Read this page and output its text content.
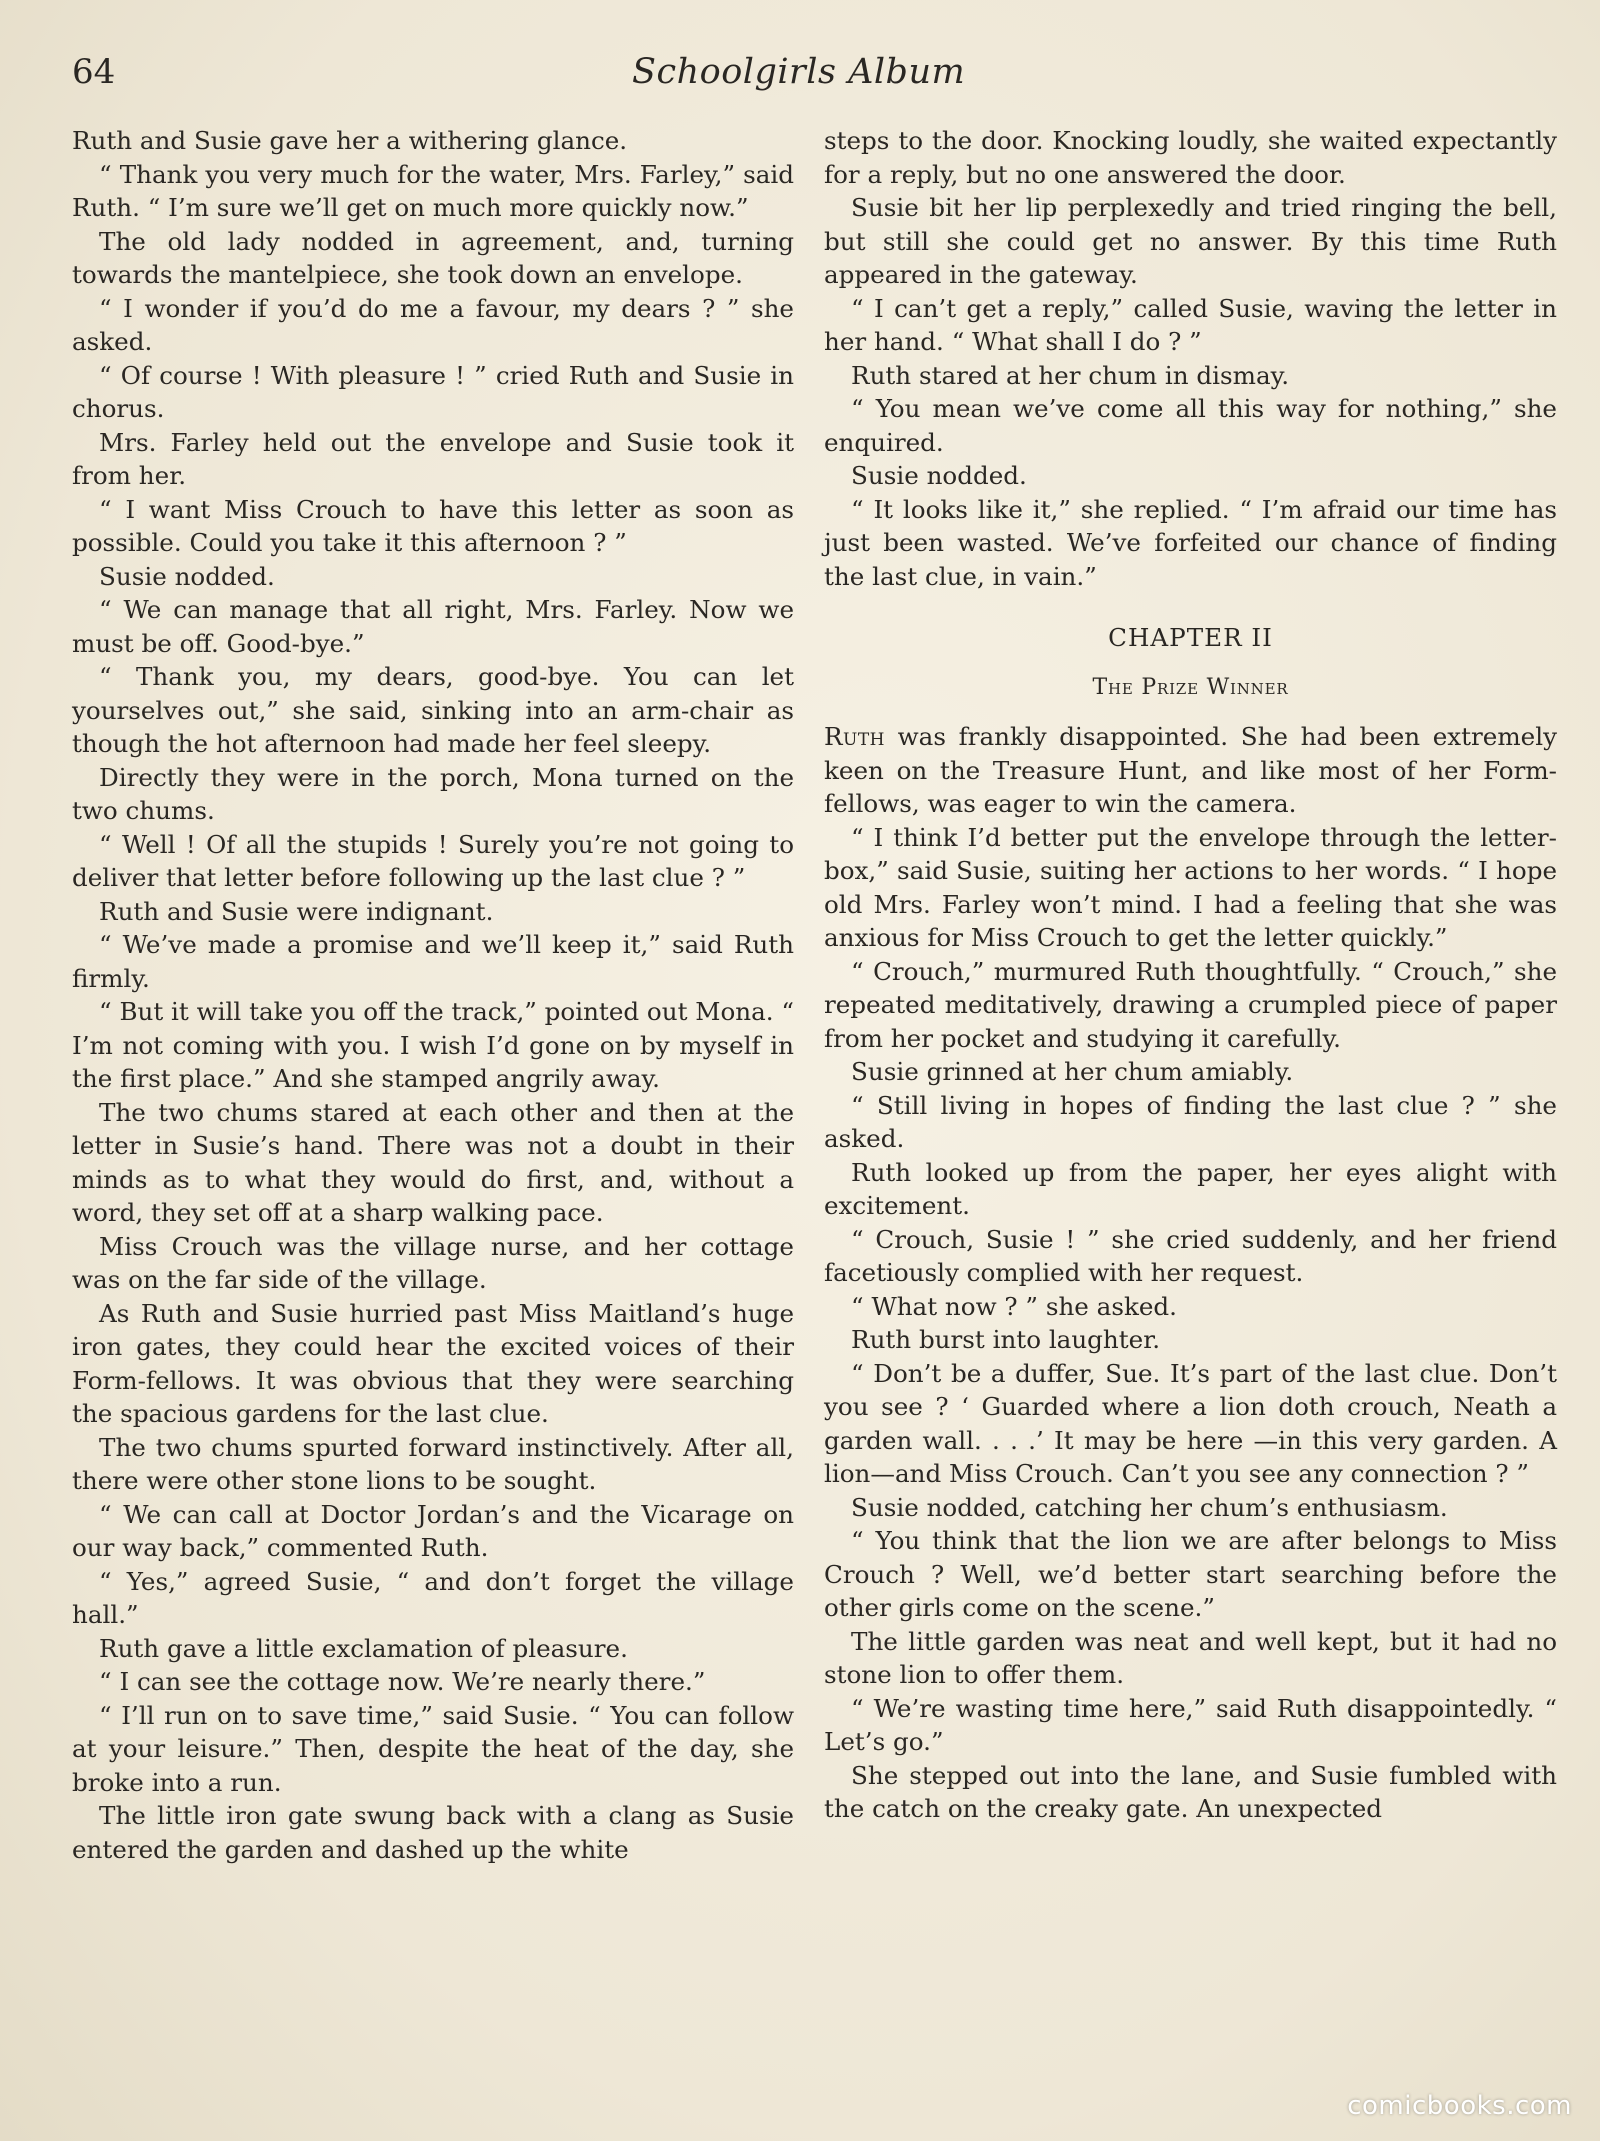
64	Schoolgirls Album

Ruth and Susie gave her a withering glance.

“ Thank you very much for the water, Mrs. Farley,” said Ruth. “ I’m sure we’ll get on much more quickly now.”

The old lady nodded in agreement, and, turning towards the mantelpiece, she took down an envelope.

“ I wonder if you’d do me a favour, my dears ? ” she asked.

“ Of course ! With pleasure ! ” cried Ruth and Susie in chorus.

Mrs. Farley held out the envelope and Susie took it from her.

“ I want Miss Crouch to have this letter as soon as possible. Could you take it this afternoon ? ”

Susie nodded.

“ We can manage that all right, Mrs. Farley. Now we must be off. Good-bye.”

“ Thank you, my dears, good-bye. You can let yourselves out,” she said, sinking into an arm-chair as though the hot afternoon had made her feel sleepy.

Directly they were in the porch, Mona turned on the two chums.

“ Well ! Of all the stupids ! Surely you’re not going to deliver that letter before following up the last clue ? ”

Ruth and Susie were indignant.

“ We’ve made a promise and we’ll keep it,” said Ruth firmly.

“ But it will take you off the track,” pointed out Mona. “ I’m not coming with you. I wish I’d gone on by myself in the first place.” And she stamped angrily away.

The two chums stared at each other and then at the letter in Susie’s hand. There was not a doubt in their minds as to what they would do first, and, without a word, they set off at a sharp walking pace.

Miss Crouch was the village nurse, and her cottage was on the far side of the village.

As Ruth and Susie hurried past Miss Maitland’s huge iron gates, they could hear the excited voices of their Form-fellows. It was obvious that they were searching the spacious gardens for the last clue.

The two chums spurted forward instinctively. After all, there were other stone lions to be sought.

“ We can call at Doctor Jordan’s and the Vicarage on our way back,” commented Ruth.

“ Yes,” agreed Susie, “ and don’t forget the village hall.”

Ruth gave a little exclamation of pleasure.

“ I can see the cottage now. We’re nearly there.”

“ I’ll run on to save time,” said Susie. “ You can follow at your leisure.” Then, despite the heat of the day, she broke into a run.

The little iron gate swung back with a clang as Susie entered the garden and dashed up the white

steps to the door. Knocking loudly, she waited expectantly for a reply, but no one answered the door.

Susie bit her lip perplexedly and tried ringing the bell, but still she could get no answer. By this time Ruth appeared in the gateway.

“ I can’t get a reply,” called Susie, waving the letter in her hand. “ What shall I do ? ”

Ruth stared at her chum in dismay.

“ You mean we’ve come all this way for nothing,” she enquired.

Susie nodded.

“ It looks like it,” she replied. “ I’m afraid our time has just been wasted. We’ve forfeited our chance of finding the last clue, in vain.”

CHAPTER II
The Prize Winner

Ruth was frankly disappointed. She had been extremely keen on the Treasure Hunt, and like most of her Form-fellows, was eager to win the camera.

“ I think I’d better put the envelope through the letter-box,” said Susie, suiting her actions to her words. “ I hope old Mrs. Farley won’t mind. I had a feeling that she was anxious for Miss Crouch to get the letter quickly.”

“ Crouch,” murmured Ruth thoughtfully. “ Crouch,” she repeated meditatively, drawing a crumpled piece of paper from her pocket and studying it carefully.

Susie grinned at her chum amiably.

“ Still living in hopes of finding the last clue ? ” she asked.

Ruth looked up from the paper, her eyes alight with excitement.

“ Crouch, Susie ! ” she cried suddenly, and her friend facetiously complied with her request.

“ What now ? ” she asked.

Ruth burst into laughter.

“ Don’t be a duffer, Sue. It’s part of the last clue. Don’t you see ? ‘ Guarded where a lion doth crouch, Neath a garden wall. . . .’ It may be here —in this very garden. A lion—and Miss Crouch. Can’t you see any connection ? ”

Susie nodded, catching her chum’s enthusiasm.

“ You think that the lion we are after belongs to Miss Crouch ? Well, we’d better start searching before the other girls come on the scene.”

The little garden was neat and well kept, but it had no stone lion to offer them.

“ We’re wasting time here,” said Ruth disappointedly. “ Let’s go.”

She stepped out into the lane, and Susie fumbled with the catch on the creaky gate. An unexpected

comicbooks.com
